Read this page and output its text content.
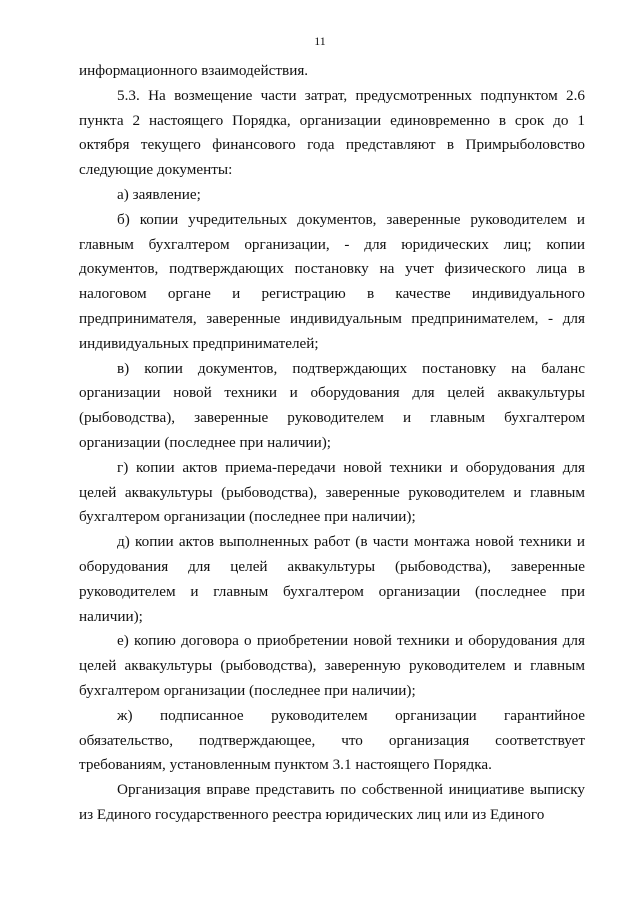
11

информационного взаимодействия.

5.3. На возмещение части затрат, предусмотренных подпунктом 2.6 пункта 2 настоящего Порядка, организации единовременно в срок до 1 октября текущего финансового года представляют в Примрыболовство следующие документы:

а) заявление;

б) копии учредительных документов, заверенные руководителем и главным бухгалтером организации, - для юридических лиц; копии документов, подтверждающих постановку на учет физического лица в налоговом органе и регистрацию в качестве индивидуального предпринимателя, заверенные индивидуальным предпринимателем, - для индивидуальных предпринимателей;

в) копии документов, подтверждающих постановку на баланс организации новой техники и оборудования для целей аквакультуры (рыбоводства), заверенные руководителем и главным бухгалтером организации (последнее при наличии);

г) копии актов приема-передачи новой техники и оборудования для целей аквакультуры (рыбоводства), заверенные руководителем и главным бухгалтером организации (последнее при наличии);

д) копии актов выполненных работ (в части монтажа новой техники и оборудования для целей аквакультуры (рыбоводства), заверенные руководителем и главным бухгалтером организации (последнее при наличии);

е) копию договора о приобретении новой техники и оборудования для целей аквакультуры (рыбоводства), заверенную руководителем и главным бухгалтером организации (последнее при наличии);

ж) подписанное руководителем организации гарантийное обязательство, подтверждающее, что организация соответствует требованиям, установленным пунктом 3.1 настоящего Порядка.

Организация вправе представить по собственной инициативе выписку из Единого государственного реестра юридических лиц или из Единого
